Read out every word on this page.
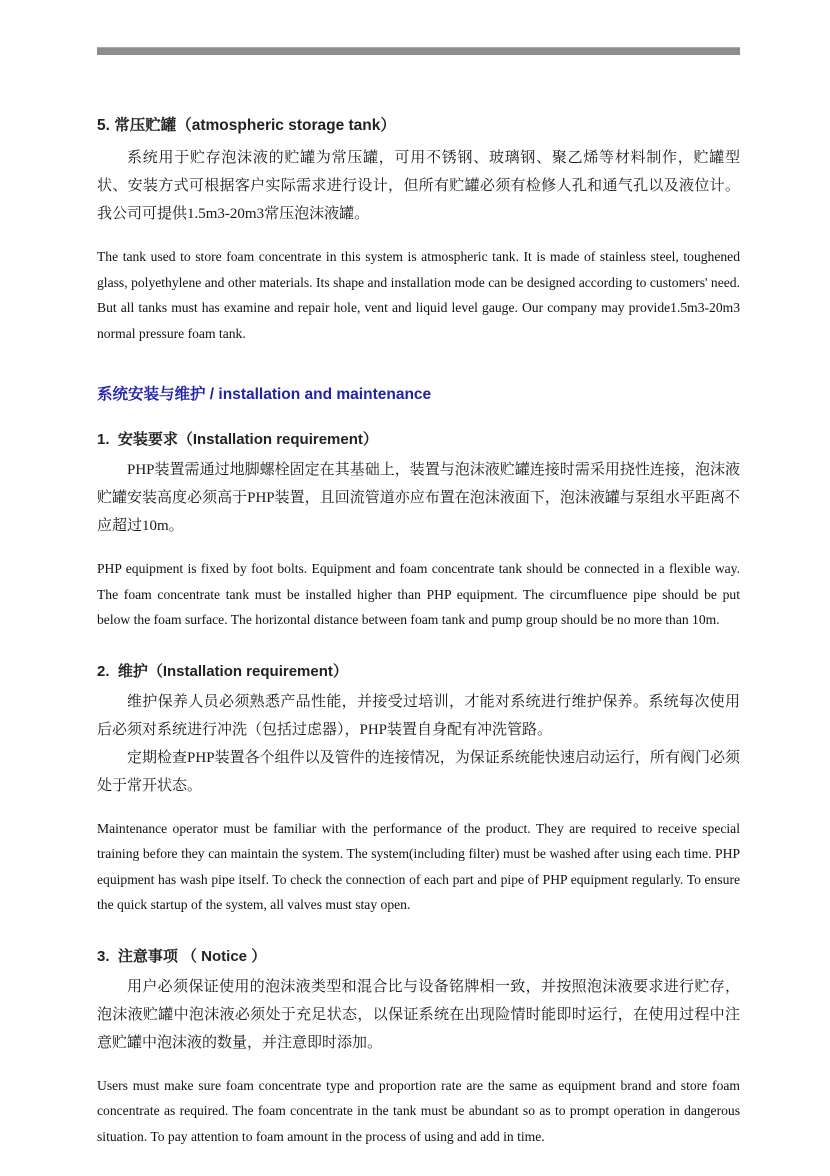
5. 常压贮罐（atmospheric storage tank）

系统用于贮存泡沫液的贮罐为常压罐，可用不锈钢、玻璃钢、聚乙烯等材料制作，贮罐型状、安装方式可根据客户实际需求进行设计，但所有贮罐必须有检修人孔和通气孔以及液位计。我公司可提供1.5m3-20m3常压泡沫液罐。

The tank used to store foam concentrate in this system is atmospheric tank. It is made of stainless steel, toughened glass, polyethylene and other materials. Its shape and installation mode can be designed according to customers' need. But all tanks must has examine and repair hole, vent and liquid level gauge. Our company may provide1.5m3-20m3 normal pressure foam tank.

系统安装与维护 / installation and maintenance
1.  安装要求（Installation requirement）

PHP装置需通过地脚螺栓固定在其基础上，装置与泡沫液贮罐连接时需采用挠性连接，泡沫液贮罐安装高度必须高于PHP装置，且回流管道亦应布置在泡沫液面下，泡沫液罐与泵组水平距离不应超过10m。

PHP equipment is fixed by foot bolts. Equipment and foam concentrate tank should be connected in a flexible way. The foam concentrate tank must be installed higher than PHP equipment. The circumfluence pipe should be put below the foam surface. The horizontal distance between foam tank and pump group should be no more than 10m.

2.  维护（Installation requirement）

维护保养人员必须熟悉产品性能，并接受过培训，才能对系统进行维护保养。系统每次使用后必须对系统进行冲洗（包括过虑器），PHP装置自身配有冲洗管路。

定期检查PHP装置各个组件以及管件的连接情况，为保证系统能快速启动运行，所有阀门必须处于常开状态。

Maintenance operator must be familiar with the performance of the product. They are required to receive special training before they can maintain the system. The system(including filter) must be washed after using each time. PHP equipment has wash pipe itself. To check the connection of each part and pipe of PHP equipment regularly. To ensure the quick startup of the system, all valves must stay open.

3.  注意事项 （ Notice ）

用户必须保证使用的泡沫液类型和混合比与设备铭牌相一致，并按照泡沫液要求进行贮存，泡沫液贮罐中泡沫液必须处于充足状态，以保证系统在出现险情时能即时运行，在使用过程中注意贮罐中泡沫液的数量，并注意即时添加。

Users must make sure foam concentrate type and proportion rate are the same as equipment brand and store foam concentrate as required. The foam concentrate in the tank must be abundant so as to prompt operation in dangerous situation. To pay attention to foam amount in the process of using and add in time.
